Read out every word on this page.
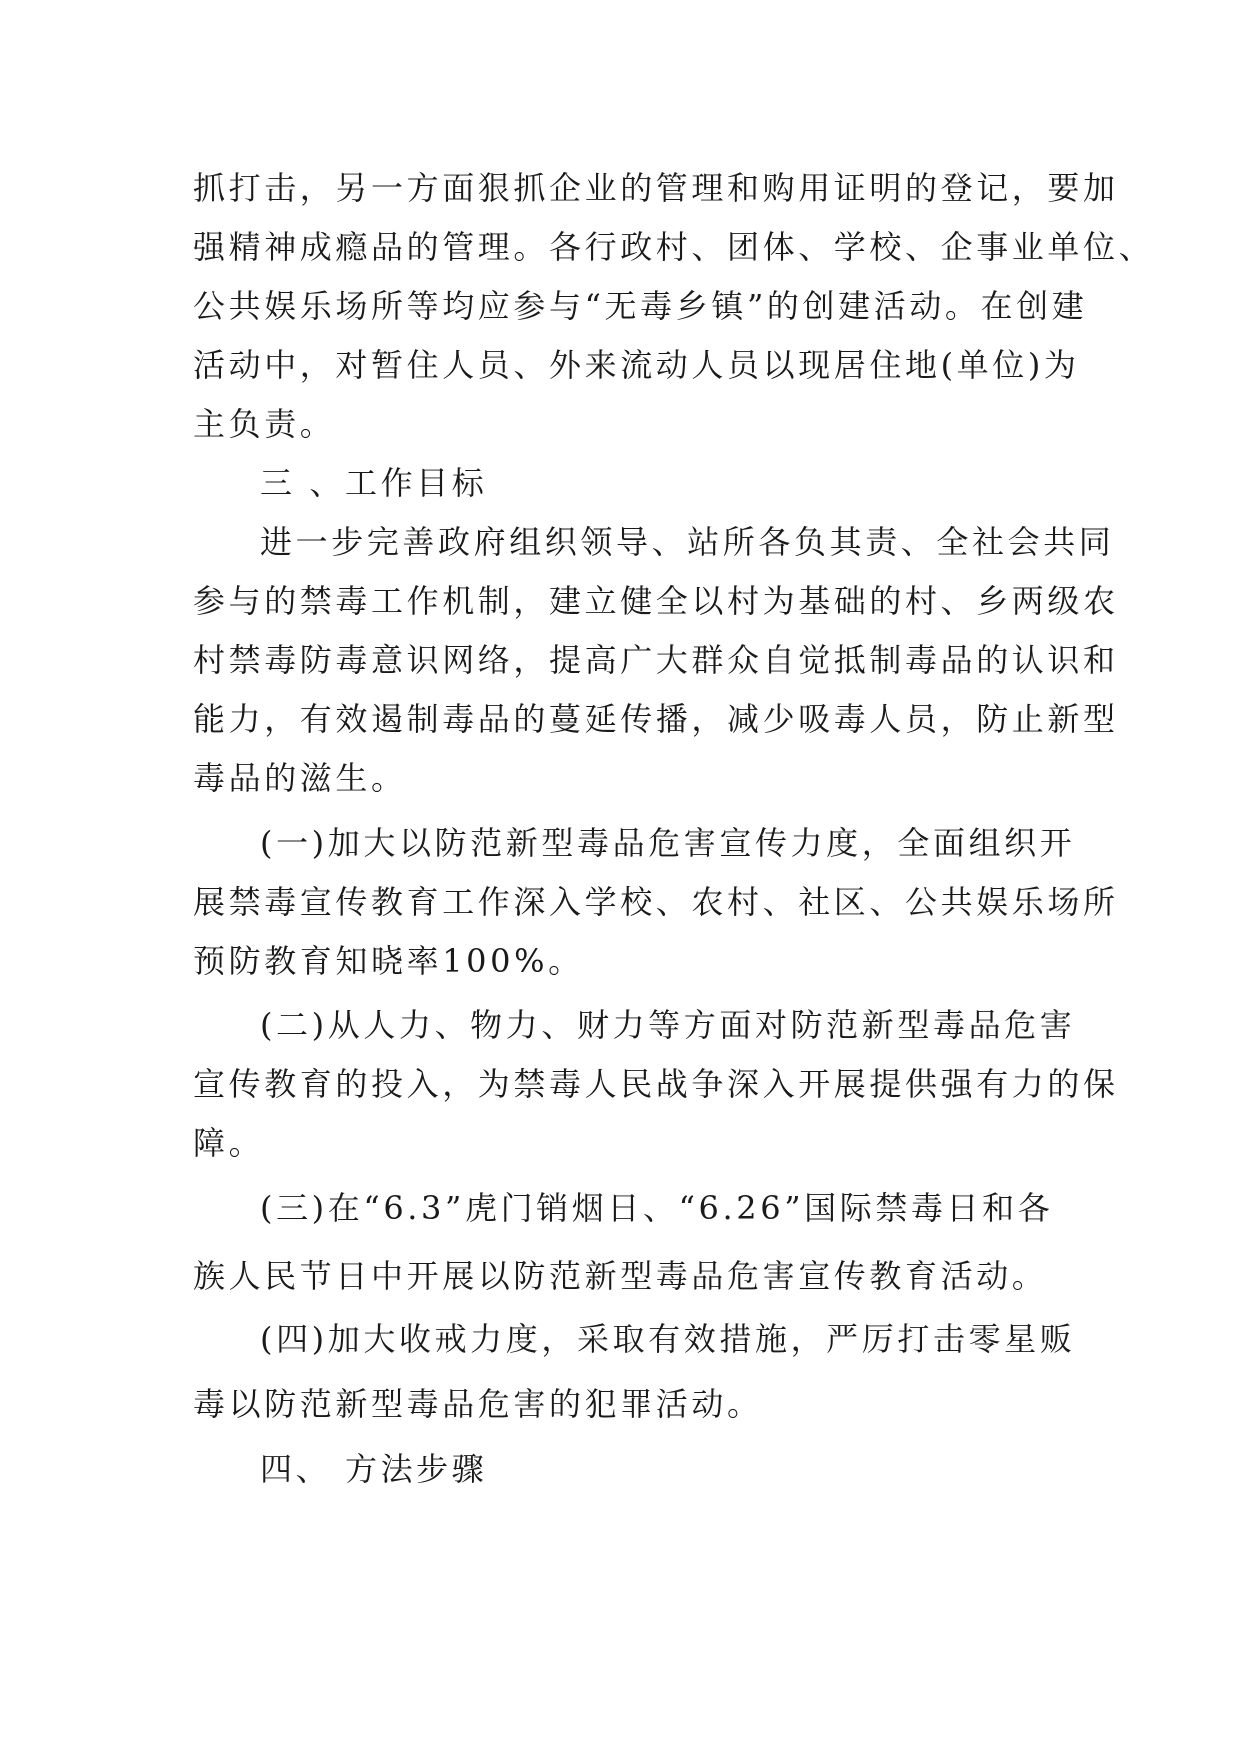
抓打击，另一方面狠抓企业的管理和购用证明的登记，要加
强精神成瘾品的管理。各行政村、团体、学校、企事业单位、
公共娱乐场所等均应参与“无毒乡镇”的创建活动。在创建
活动中，对暂住人员、外来流动人员以现居住地(单位)为
主负责。
三 、工作目标
进一步完善政府组织领导、站所各负其责、全社会共同
参与的禁毒工作机制，建立健全以村为基础的村、乡两级农
村禁毒防毒意识网络，提高广大群众自觉抵制毒品的认识和
能力，有效遏制毒品的蔓延传播，减少吸毒人员，防止新型
毒品的滋生。
(一)加大以防范新型毒品危害宣传力度，全面组织开
展禁毒宣传教育工作深入学校、农村、社区、公共娱乐场所
预防教育知晓率100%。
(二)从人力、物力、财力等方面对防范新型毒品危害
宣传教育的投入，为禁毒人民战争深入开展提供强有力的保
障。
(三)在“6.3”虎门销烟日、“6.26”国际禁毒日和各
族人民节日中开展以防范新型毒品危害宣传教育活动。
(四)加大收戒力度，采取有效措施，严厉打击零星贩
毒以防范新型毒品危害的犯罪活动。
四、 方法步骤
